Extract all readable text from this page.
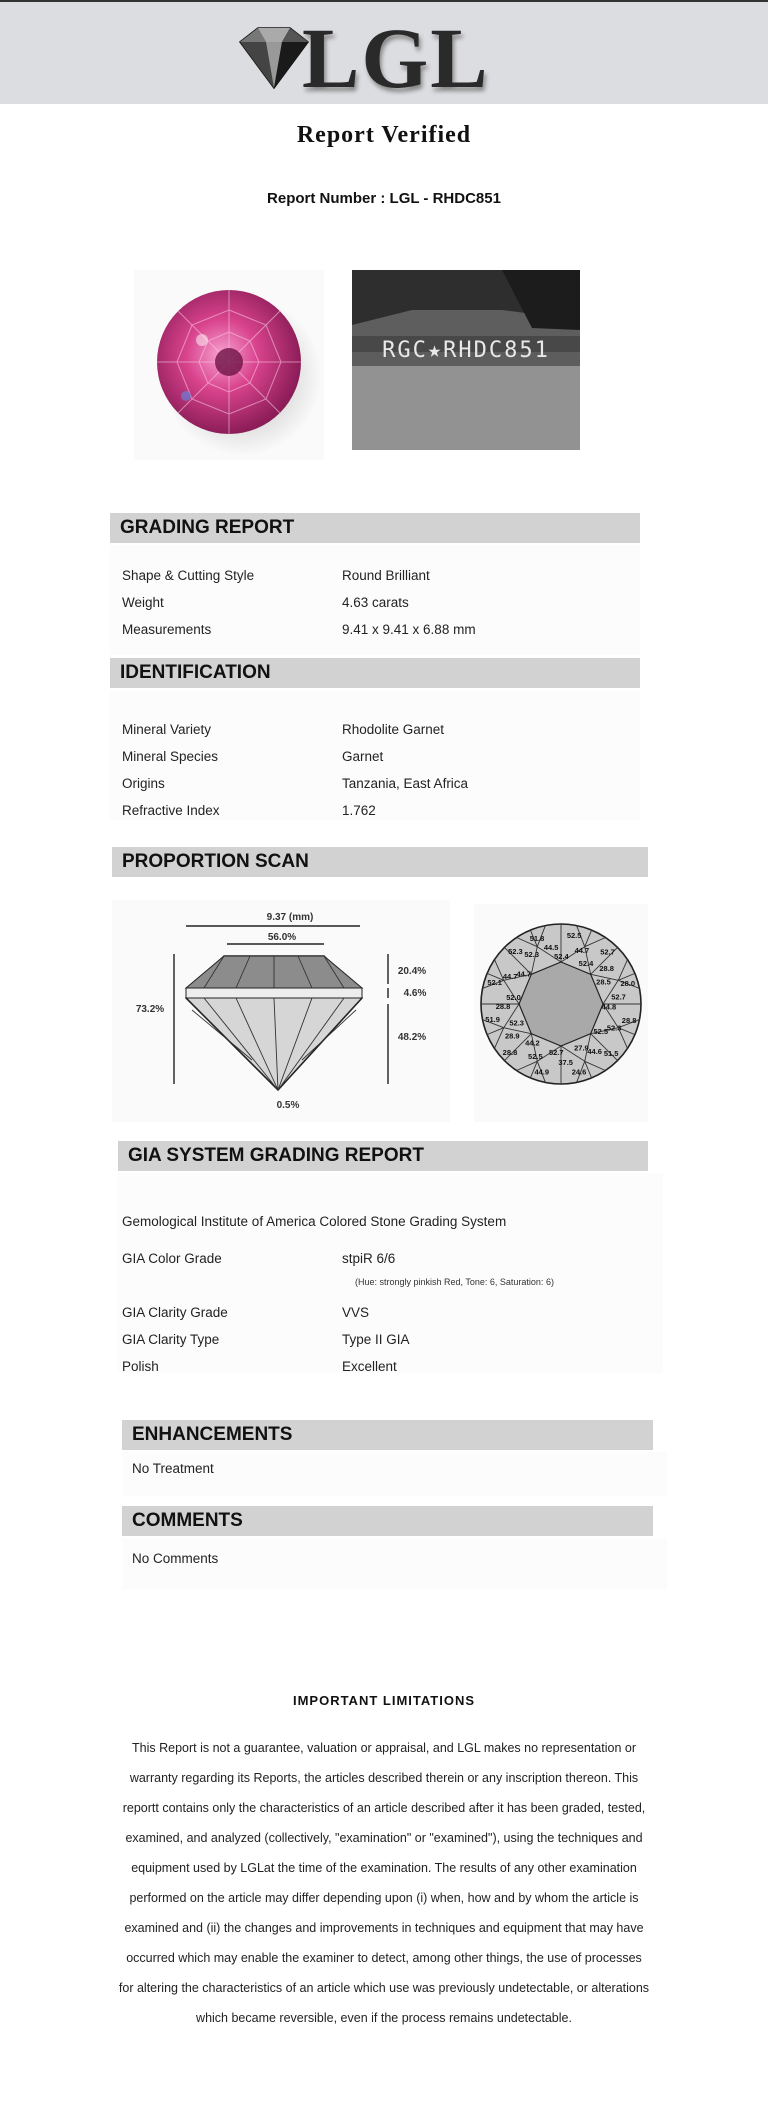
LGL
Report Verified
Report Number : LGL - RHDC851
RGC★RHDC851
GRADING REPORT
Shape & Cutting Style	Round Brilliant
Weight	4.63 carats
Measurements	9.41 x 9.41 x 6.88 mm
IDENTIFICATION
Mineral Variety	Rhodolite Garnet
Mineral Species	Garnet
Origins	Tanzania, East Africa
Refractive Index	1.762
PROPORTION SCAN
9.37 (mm)
56.0%
73.2%
20.4%
4.6%
48.2%
0.5%
51.8
44.5
52.4
52.5
44.7
52.4
52.7
28.8
28.5 28.0
52.7
44.8
28.8
52.3
52.5
51.5
44.6
27.9
24.6
37.5
52.7
44.9
52.5
44.2
28.8
28.9
52.3
51.9
28.8
52.0
52.1
44.7
44.7
52.3 52.3
GIA SYSTEM GRADING REPORT
Gemological Institute of America Colored Stone Grading System
GIA Color Grade	stpiR 6/6
(Hue: strongly pinkish Red, Tone: 6, Saturation: 6)
GIA Clarity Grade	VVS
GIA Clarity Type	Type II GIA
Polish	Excellent
ENHANCEMENTS
No Treatment
COMMENTS
No Comments
IMPORTANT LIMITATIONS
This Report is not a guarantee, valuation or appraisal, and LGL makes no representation or warranty regarding its Reports, the articles described therein or any inscription thereon. This reportt contains only the characteristics of an article described after it has been graded, tested, examined, and analyzed (collectively, "examination" or "examined"), using the techniques and equipment used by LGLat the time of the examination. The results of any other examination performed on the article may differ depending upon (i) when, how and by whom the article is examined and (ii) the changes and improvements in techniques and equipment that may have occurred which may enable the examiner to detect, among other things, the use of processes for altering the characteristics of an article which use was previously undetectable, or alterations which became reversible, even if the process remains undetectable.
